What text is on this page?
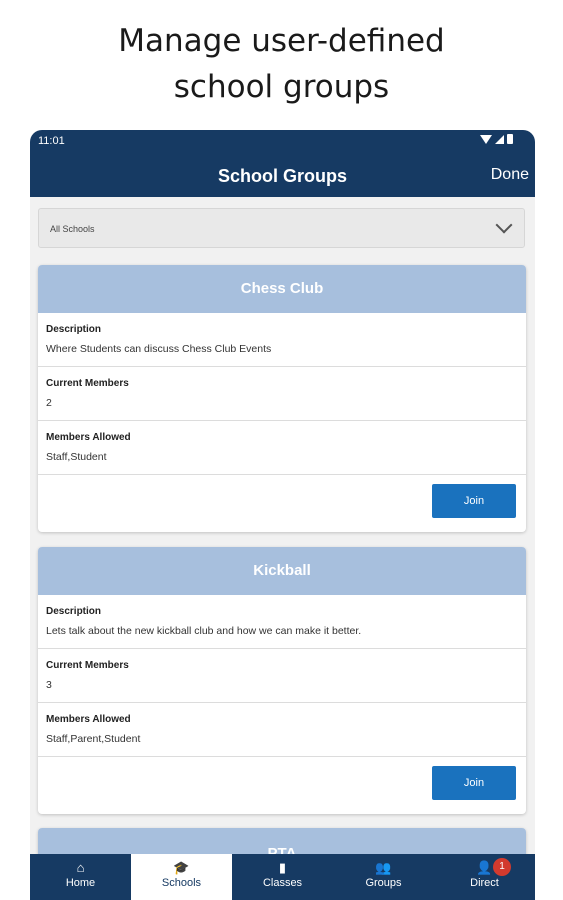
Manage user-defined
school groups
11:01
School Groups	Done
All Schools
Chess Club
Description
Where Students can discuss Chess Club Events
Current Members
2
Members Allowed
Staff,Student
Join
Kickball
Description
Lets talk about the new kickball club and how we can make it better.
Current Members
3
Members Allowed
Staff,Parent,Student
Join
⌂
Home
🎓
Schools
▮
Classes
👥
Groups
👤
Direct
1
